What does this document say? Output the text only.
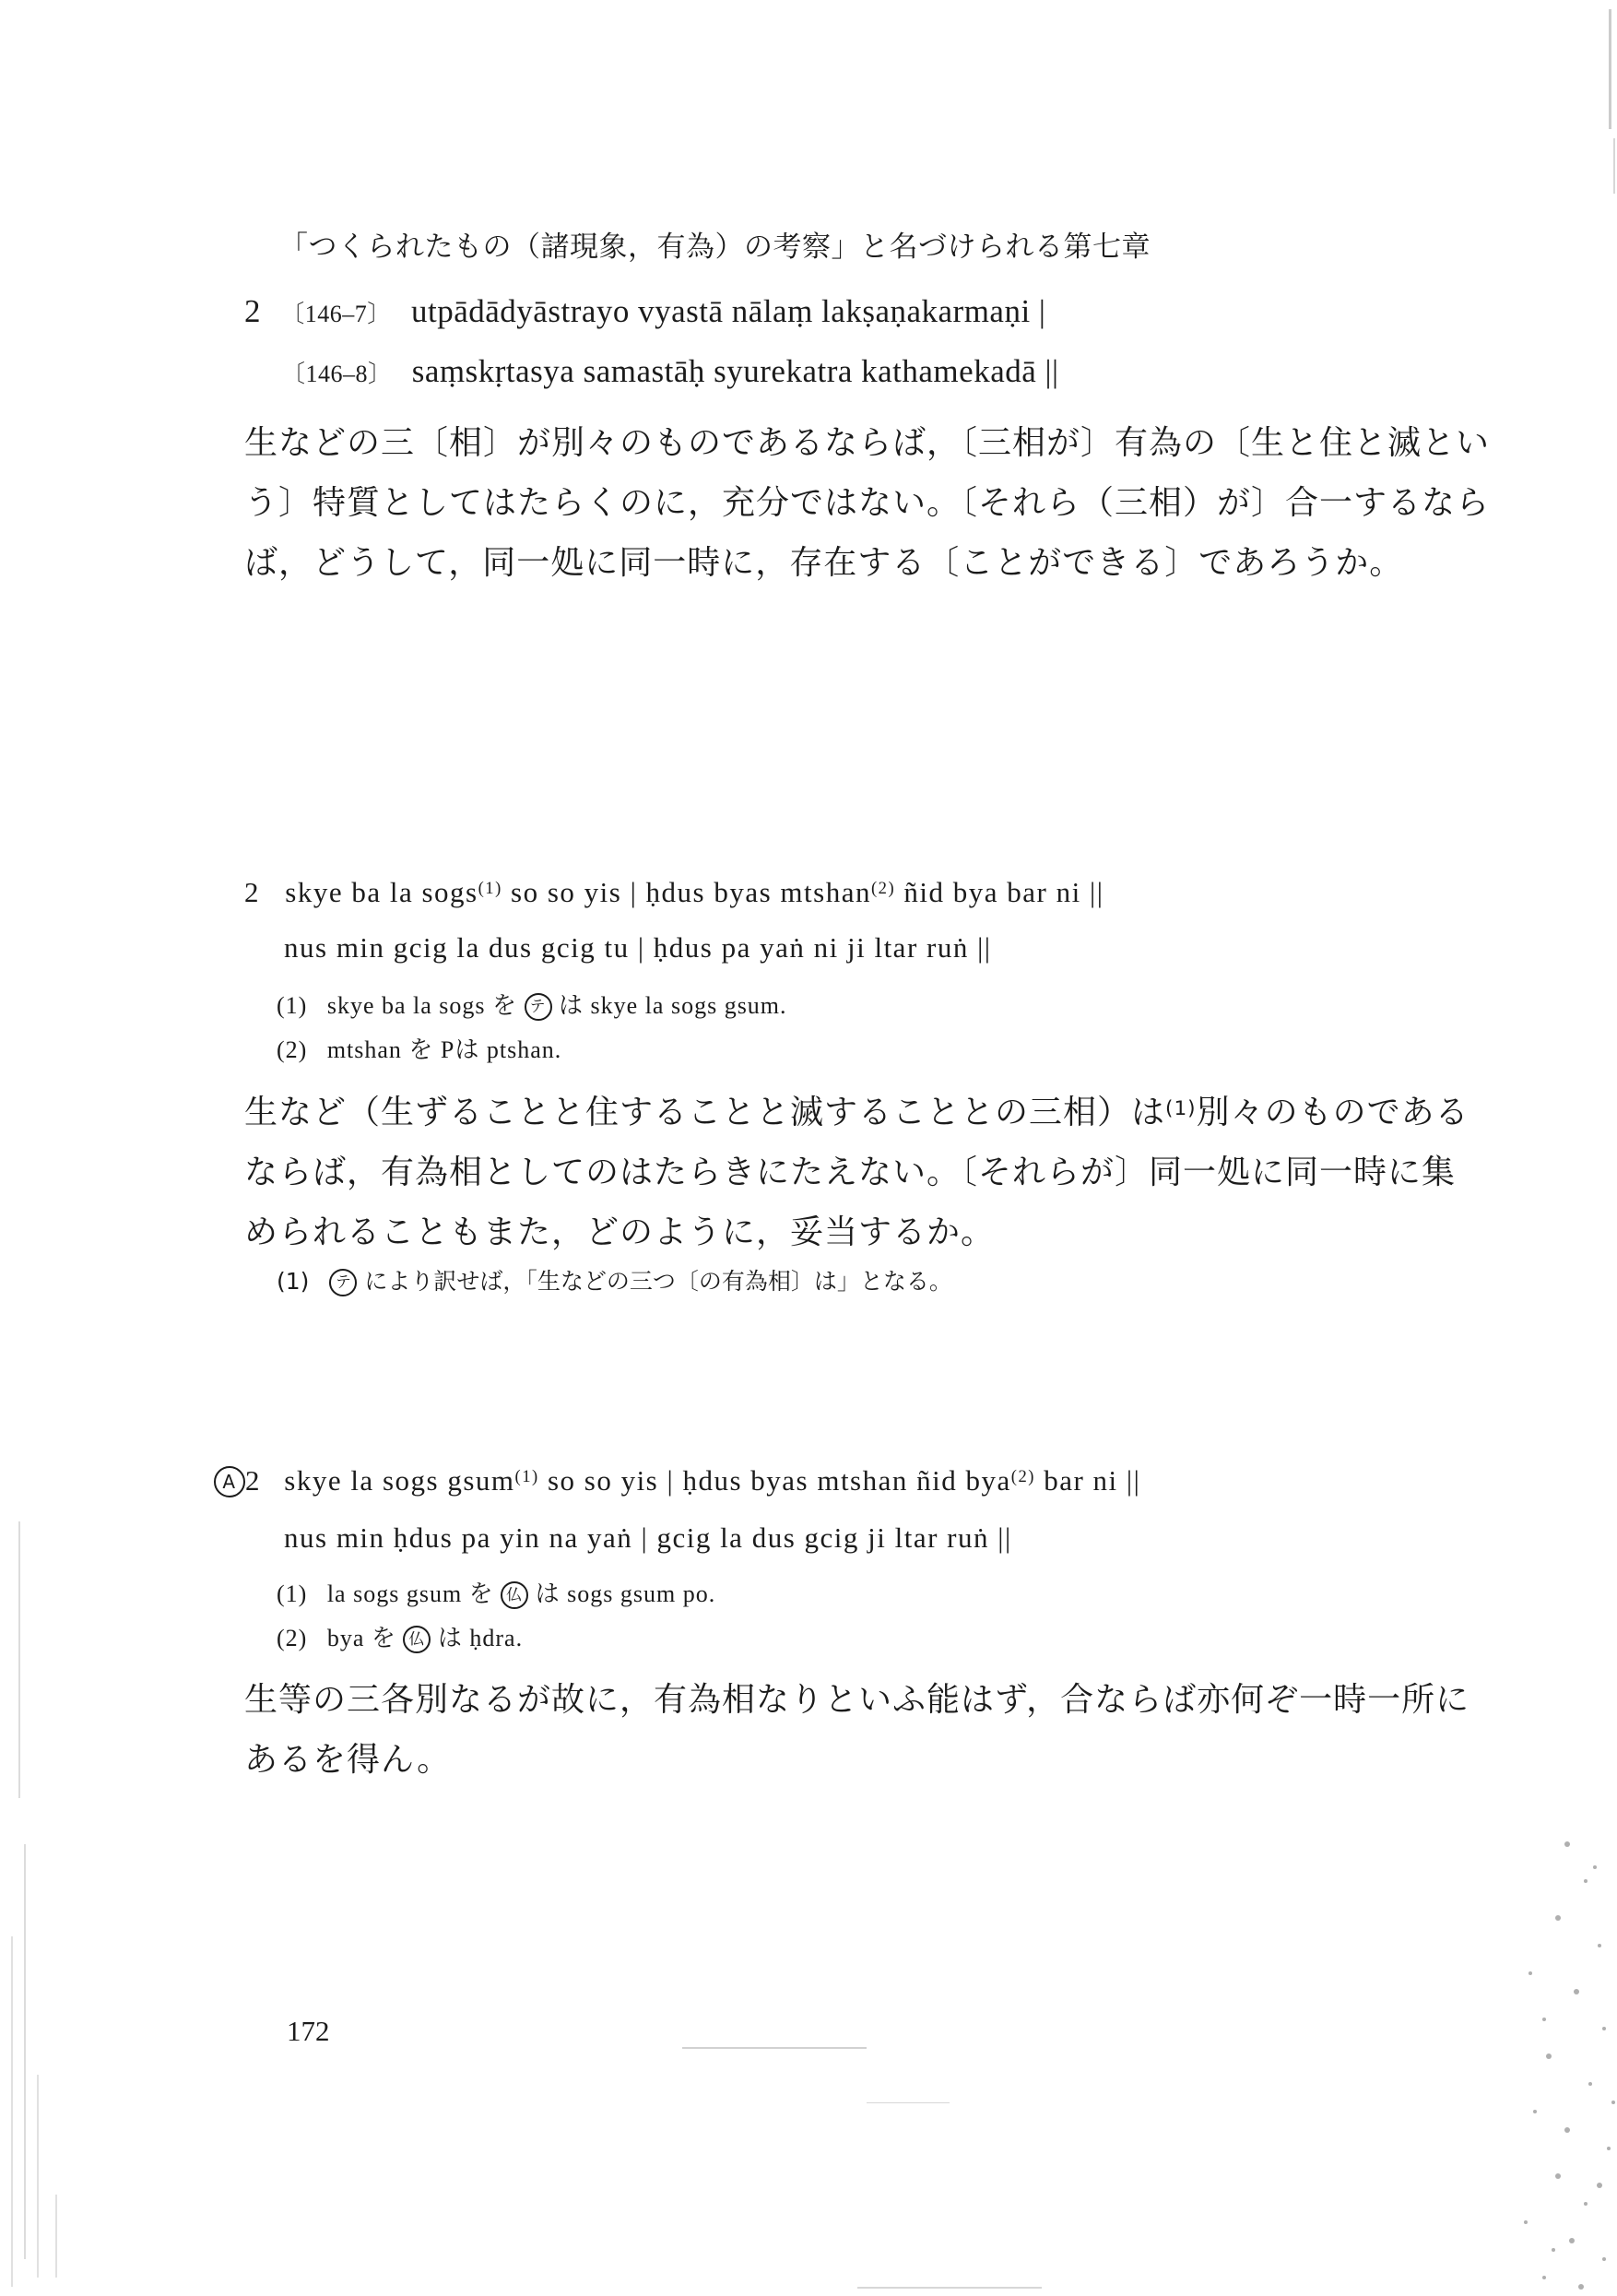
「つくられたもの（諸現象，有為）の考察」と名づけられる第七章
2 〔146–7〕 utpādādyāstrayo vyastā nālaṃ lakṣaṇakarmaṇi |
〔146–8〕 saṃskṛtasya samastāḥ syurekatra kathamekadā ||
生などの三〔相〕が別々のものであるならば，〔三相が〕有為の〔生と住と滅とい
う〕特質としてはたらくのに，充分ではない。〔それら（三相）が〕合一するなら
ば，どうして，同一処に同一時に，存在する〔ことができる〕であろうか。
2 skye ba la sogs$^{(1)}$ so so yis | ḥdus byas mtshan$^{(2)}$ ñid bya bar ni ||
nus min gcig la dus gcig tu | ḥdus pa yaṅ ni ji ltar ruṅ ||
(1) skye ba la sogs を テ は skye la sogs gsum.
(2) mtshan を Pは ptshan.
生など（生ずることと住することと滅することとの三相）は$^{(1)}$別々のものである
ならば，有為相としてのはたらきにたえない。〔それらが〕同一処に同一時に集
められることもまた，どのように，妥当するか。
(1) テ により訳せば，「生などの三つ〔の有為相〕は」となる。
A 2 skye la sogs gsum$^{(1)}$ so so yis | ḥdus byas mtshan ñid bya$^{(2)}$ bar ni ||
nus min ḥdus pa yin na yaṅ | gcig la dus gcig ji ltar ruṅ ||
(1) la sogs gsum を 仏 は sogs gsum po.
(2) bya を 仏 は ḥdra.
生等の三各別なるが故に，有為相なりといふ能はず，合ならば亦何ぞ一時一所に
あるを得ん。
172
